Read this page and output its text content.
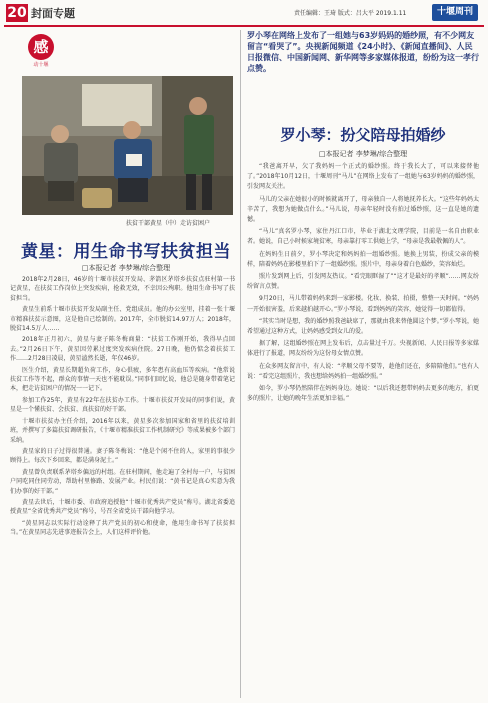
20 封面专题	责任编辑：王琦 版式：吕大平 2019.1.11	十堰周刊
感
动十堰
扶贫干部黄星（中）走访贫困户
黄星：用生命书写扶贫担当
□本报记者 李梦琳/综合整理

2018年2月28日，46岁的十堰市扶贫开发局、茅箭区茅塔乡扶贫点驻村第一书记黄星，在扶贫工作岗位上突发疾病，抢救无效，不幸因公殉职。他用生命书写了扶贫担当。

黄星生前系十堰市扶贫开发局副主任、党组成员。他的办公室里，挂着一张十堰市精准扶贫示意图，这是他自己绘制的。2017年，全市脱贫14.97万人；2018年，脱贫14.5万人……

2018年正月初六，黄星与妻子陈冬梅商量：“扶贫工作刚开始，我得早点回去。”2月26日下午，黄星因劳累过度突发疾病住院。27日晚，他仍惦念着扶贫工作……2月28日凌晨，黄星溘然长逝，年仅46岁。

医生介绍，黄星长期超负荷工作，身心俱疲，多年患有高血压等疾病。“他常说扶贫工作等不起，群众的事情一天也不能耽误。”同事们回忆说，他总是随身带着笔记本，把走访贫困户的情况一一记下。

参加工作25年，黄星有22年在扶贫办工作。十堰市扶贫开发局的同事们说，黄星是一个懂扶贫、会扶贫、真扶贫的好干部。

十堰市扶贫办主任介绍，2016年以来，黄星多次参加国家和省里的扶贫培训班，并撰写了多篇扶贫调研报告，《十堰市精准扶贫工作机制研究》等成果被多个部门采纳。

黄星家的日子过得很普通。妻子陈冬梅说：“他是个闲不住的人，家里的事很少顾得上。每次下乡回来，都是满身泥土。”

黄星曾负责联系茅塔乡偏远的村组。在驻村期间，他走遍了全村每一户，与贫困户同吃同住同劳动，帮助村里修路、发展产业。村民们说：“黄书记是真心实意为我们办事的好干部。”

黄星去世后，十堰市委、市政府追授他“十堰市优秀共产党员”称号。湖北省委追授黄星“全省优秀共产党员”称号，号召全省党员干部向他学习。

“黄星同志以实际行动诠释了共产党员的初心和使命，他用生命书写了扶贫担当。”在黄星同志先进事迹报告会上，人们这样评价他。

罗小琴在网络上发布了一组她与63岁妈妈的婚纱照，有不少网友留言“看哭了”。央视新闻频道《24小时》、《新闻直播间》、人民日报微信、中国新闻网、新华网等多家媒体报道，纷纷为这一孝行点赞。
罗小琴：扮父陪母拍婚纱
□本报记者 李梦琳/综合整理

“我爸离开早，欠了我妈妈一个正式的婚纱照。终于我长大了，可以来接替他了。”2018年10月12日，十堰周刊“马儿”在网络上发布了一组她与63岁妈妈的婚纱照，引发网友关注。

马儿的父亲在她很小的时候就离开了，母亲独自一人将她抚养长大。“这些年妈妈太辛苦了，我想为她做点什么。”马儿说，母亲年轻时没有拍过婚纱照，这一直是她的遗憾。

“马儿”真名罗小琴，家住丹江口市，毕业于湖北文理学院，目前是一名自由职业者。她说，自己小时候家境贫寒，母亲靠打零工供她上学，“母亲是我最敬佩的人”。

在妈妈生日前夕，罗小琴决定和妈妈拍一组婚纱照。她换上男装，扮成父亲的模样，陪着妈妈在影楼里拍下了一组婚纱照。照片中，母亲身着白色婚纱，笑容灿烂。

照片发到网上后，引发网友热议。“看完眼眶湿了”“这才是最好的孝顺”……网友纷纷留言点赞。

9月20日，马儿带着妈妈来到一家影楼。化妆、换装、拍摄，整整一天时间。“妈妈一开始很害羞，后来越拍越开心。”罗小琴说，看到妈妈的笑容，她觉得一切都值得。

“其实当时是想，我的婚纱照我爸缺席了，那就由我来替他圆这个梦。”罗小琴说，她希望通过这种方式，让妈妈感受到女儿的爱。

据了解，这组婚纱照在网上发布后，点击量过千万。央视新闻、人民日报等多家媒体进行了报道，网友纷纷为这份母女情点赞。

在众多网友留言中，有人说：“孝顺父母不要等，趁他们还在，多陪陪他们。”也有人说：“看完这组照片，我也想给妈妈拍一组婚纱照。”

如今，罗小琴仍然陪伴在妈妈身边。她说：“以后我还想带妈妈去更多的地方，拍更多的照片，让她的晚年生活更加幸福。”
